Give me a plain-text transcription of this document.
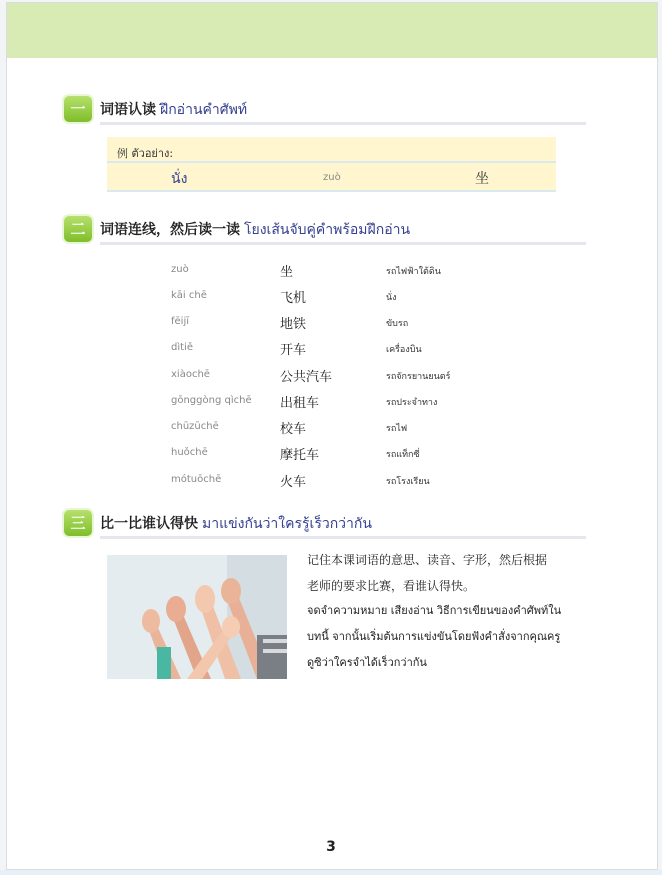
一 词语认读 ฝึกอ่านคำศัพท์
例 ตัวอย่าง:
นั่ง	zuò	坐
二 词语连线，然后读一读 โยงเส้นจับคู่คำพร้อมฝึกอ่าน
zuò	坐	รถไฟฟ้าใต้ดิน
kāi chē	飞机	นั่ง
fēijī	地铁	ขับรถ
dìtiě	开车	เครื่องบิน
xiàochē	公共汽车	รถจักรยานยนตร์
gōnggòng qìchē 出租车	รถประจำทาง
chūzūchē	校车	รถไฟ
huǒchē	摩托车	รถแท็กซี่
mótuōchē	火车	รถโรงเรียน
三 比一比谁认得快 มาแข่งกันว่าใครรู้เร็วกว่ากัน
记住本课词语的意思、读音、字形，然后根据
老师的要求比赛，看谁认得快。
จดจำความหมาย เสียงอ่าน วิธีการเขียนของคำศัพท์ใน
บทนี้ จากนั้นเริ่มต้นการแข่งขันโดยฟังคำสั่งจากคุณครู
ดูซิว่าใครจำได้เร็วกว่ากัน
3
